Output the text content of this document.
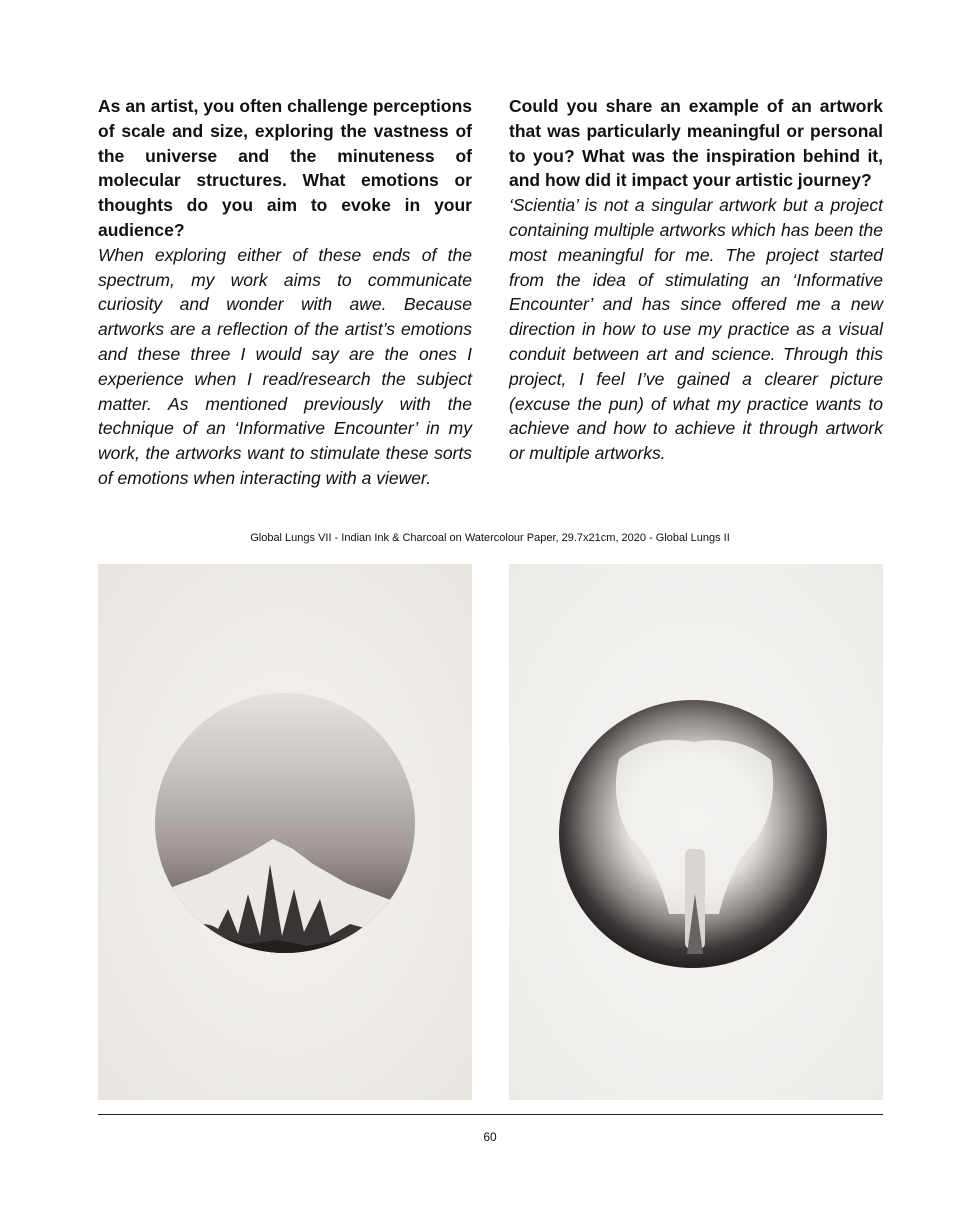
As an artist, you often challenge perceptions of scale and size, exploring the vastness of the universe and the minuteness of molecular structures. What emotions or thoughts do you aim to evoke in your audience?

When exploring either of these ends of the spectrum, my work aims to communicate curiosity and wonder with awe. Because artworks are a reflection of the artist’s emotions and these three I would say are the ones I experience when I read/research the subject matter. As mentioned previously with the technique of an ‘Informative Encounter’ in my work, the artworks want to stimulate these sorts of emotions when interacting with a viewer.

Could you share an example of an artwork that was particularly meaningful or personal to you? What was the inspiration behind it, and how did it impact your artistic journey?

‘Scientia’ is not a singular artwork but a project containing multiple artworks which has been the most meaningful for me. The project started from the idea of stimulating an ‘Informative Encounter’ and has since offered me a new direction in how to use my practice as a visual conduit between art and science. Through this project, I feel I’ve gained a clearer picture (excuse the pun) of what my practice wants to achieve and how to achieve it through artwork or multiple artworks.

Global Lungs VII - Indian Ink & Charcoal on Watercolour Paper, 29.7x21cm, 2020 - Global Lungs II
60
